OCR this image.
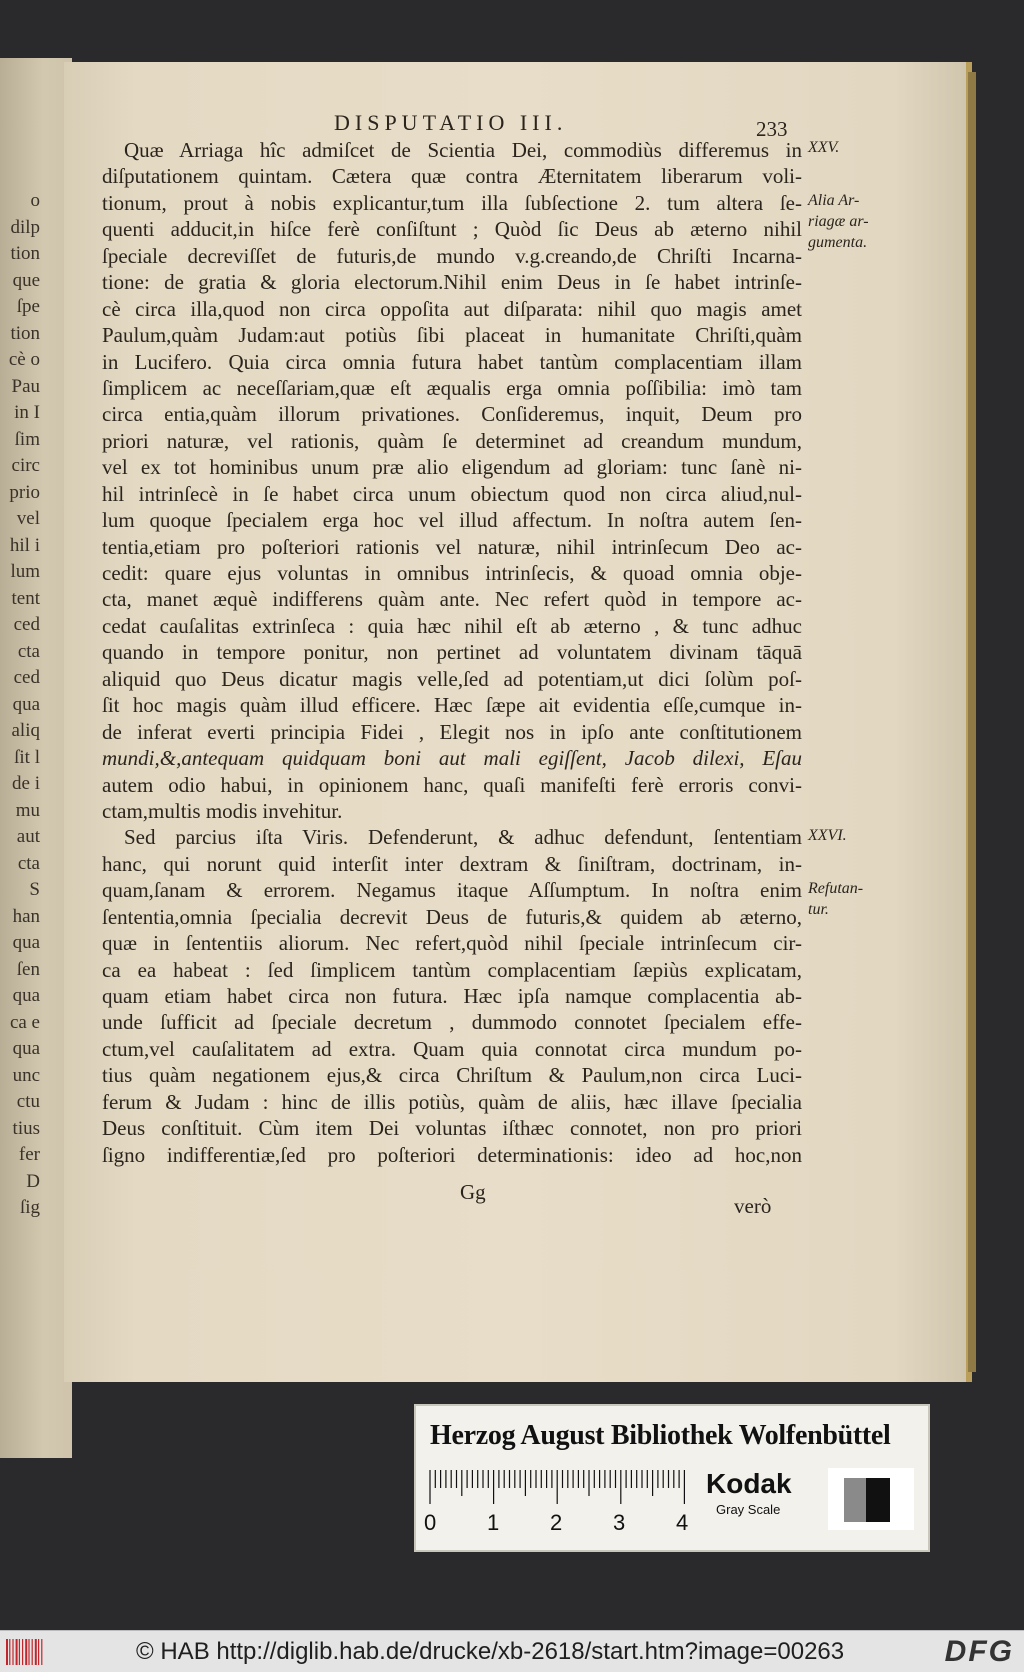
o
dilp
tion
que
ſpe
tion
cè o
Pau
in I
ſim
circ
prio
vel
hil i
lum
tent
ced
cta
ced
qua
aliq
ſit l
de i
mu
aut
cta
S
han
qua
ſen
qua
ca e
qua
unc
ctu
tius
fer
D
ſig
DISPUTATIO III.	233
Quæ Arriaga hîc admiſcet de Scientia Dei, commodiùs differemus in
diſputationem quintam. Cætera quæ contra Æternitatem liberarum voli-
tionum, prout à nobis explicantur,tum illa ſubſectione 2. tum altera ſe-
quenti adducit,in hiſce ferè conſiſtunt ; Quòd ſic Deus ab æterno nihil
ſpeciale decreviſſet de futuris,de mundo v.g.creando,de Chriſti Incarna-
tione: de gratia & gloria electorum.Nihil enim Deus in ſe habet intrinſe-
cè circa illa,quod non circa oppoſita aut diſparata: nihil quo magis amet
Paulum,quàm Judam:aut potiùs ſibi placeat in humanitate Chriſti,quàm
in Lucifero. Quia circa omnia futura habet tantùm complacentiam illam
ſimplicem ac neceſſariam,quæ eſt æqualis erga omnia poſſibilia: imò tam
circa entia,quàm illorum privationes. Conſideremus, inquit, Deum pro
priori naturæ, vel rationis, quàm ſe determinet ad creandum mundum,
vel ex tot hominibus unum præ alio eligendum ad gloriam: tunc ſanè ni-
hil intrinſecè in ſe habet circa unum obiectum quod non circa aliud,nul-
lum quoque ſpecialem erga hoc vel illud affectum. In noſtra autem ſen-
tentia,etiam pro poſteriori rationis vel naturæ, nihil intrinſecum Deo ac-
cedit: quare ejus voluntas in omnibus intrinſecis, & quoad omnia obje-
cta, manet æquè indifferens quàm ante. Nec refert quòd in tempore ac-
cedat cauſalitas extrinſeca : quia hæc nihil eſt ab æterno , & tunc adhuc
quando in tempore ponitur, non pertinet ad voluntatem divinam tāquā
aliquid quo Deus dicatur magis velle,ſed ad potentiam,ut dici ſolùm poſ-
ſit hoc magis quàm illud efficere. Hæc ſæpe ait evidentia eſſe,cumque in-
de inferat everti principia Fidei , Elegit nos in ipſo ante conſtitutionem
mundi,&,antequam quidquam boni aut mali egiſſent, Jacob dilexi, Eſau
autem odio habui, in opinionem hanc, quaſi manifeſti ferè erroris convi-
ctam,multis modis invehitur.
Sed parcius iſta Viris. Defenderunt, & adhuc defendunt, ſententiam
hanc, qui norunt quid interſit inter dextram & ſiniſtram, doctrinam, in-
quam,ſanam & errorem. Negamus itaque Aſſumptum. In noſtra enim
ſententia,omnia ſpecialia decrevit Deus de futuris,& quidem ab æterno,
quæ in ſententiis aliorum. Nec refert,quòd nihil ſpeciale intrinſecum cir-
ca ea habeat : ſed ſimplicem tantùm complacentiam ſæpiùs explicatam,
quam etiam habet circa non futura. Hæc ipſa namque complacentia ab-
unde ſufficit ad ſpeciale decretum , dummodo connotet ſpecialem effe-
ctum,vel cauſalitatem ad extra. Quam quia connotat circa mundum po-
tius quàm negationem ejus,& circa Chriſtum & Paulum,non circa Luci-
ferum & Judam : hinc de illis potiùs, quàm de aliis, hæc illave ſpecialia
Deus conſtituit. Cùm item Dei voluntas iſthæc connotet, non pro priori
ſigno indifferentiæ,ſed pro poſteriori determinationis: ideo ad hoc,non
XXV.
Alia Ar-
riagæ ar-
gumenta.
XXVI.
Refutan-
tur.
Gg
verò
Herzog August Bibliothek Wolfenbüttel
0 1 2 3 4
Kodak
Gray Scale
© HAB http://diglib.hab.de/drucke/xb-2618/start.htm?image=00263	DFG
